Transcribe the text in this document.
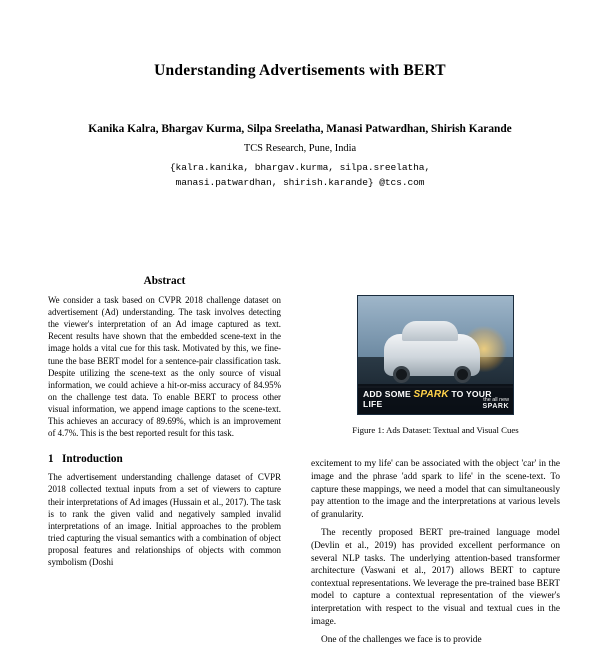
Understanding Advertisements with BERT
Kanika Kalra, Bhargav Kurma, Silpa Sreelatha, Manasi Patwardhan, Shirish Karande
TCS Research, Pune, India
{kalra.kanika, bhargav.kurma, silpa.sreelatha,
manasi.patwardhan, shirish.karande} @tcs.com
Abstract

We consider a task based on CVPR 2018 challenge dataset on advertisement (Ad) understanding. The task involves detecting the viewer's interpretation of an Ad image captured as text. Recent results have shown that the embedded scene-text in the image holds a vital cue for this task. Motivated by this, we fine-tune the base BERT model for a sentence-pair classification task. Despite utilizing the scene-text as the only source of visual information, we could achieve a hit-or-miss accuracy of 84.95% on the challenge test data. To enable BERT to process other visual information, we append image captions to the scene-text. This achieves an accuracy of 89.69%, which is an improvement of 4.7%. This is the best reported result for this task.

1 Introduction

The advertisement understanding challenge dataset of CVPR 2018 collected textual inputs from a set of viewers to capture their interpretations of Ad images (Hussain et al., 2017). The task is to rank the given valid and negatively sampled invalid interpretations of an image. Initial approaches to the problem tried capturing the visual semantics with a combination of object proposal features and relationships of objects with common symbolism (Doshi

ADD SOME SPARK TO YOUR LIFE	the all new
SPARK
Figure 1: Ads Dataset: Textual and Visual Cues

excitement to my life' can be associated with the object 'car' in the image and the phrase 'add spark to life' in the scene-text. To capture these mappings, we need a model that can simultaneously pay attention to the image and the interpretations at various levels of granularity.

The recently proposed BERT pre-trained language model (Devlin et al., 2019) has provided excellent performance on several NLP tasks. The underlying attention-based transformer architecture (Vaswani et al., 2017) allows BERT to capture contextual representations. We leverage the pre-trained base BERT model to capture a contextual representation of the viewer's interpretation with respect to the visual and textual cues in the image.

One of the challenges we face is to provide
